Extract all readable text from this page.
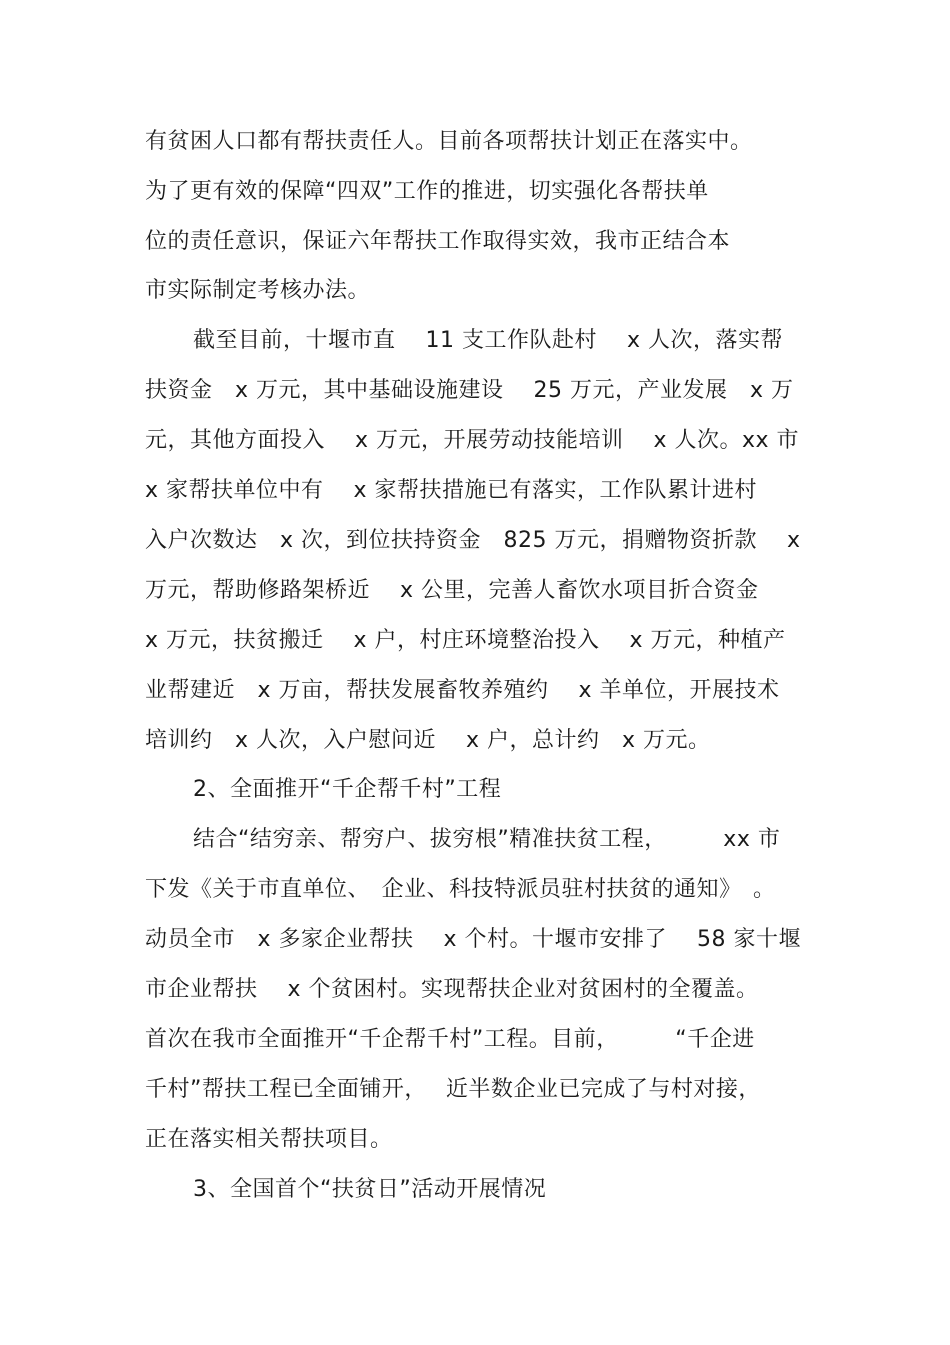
有贫困人口都有帮扶责任人。目前各项帮扶计划正在落实中。
为了更有效的保障“四双”工作的推进，切实强化各帮扶单
位的责任意识，保证六年帮扶工作取得实效，我市正结合本
市实际制定考核办法。
截至目前，十堰市直　 11 支工作队赴村　 x 人次，落实帮
扶资金　x 万元，其中基础设施建设　 25 万元，产业发展　x 万
元，其他方面投入　 x 万元，开展劳动技能培训　 x 人次。xx 市
x 家帮扶单位中有　 x 家帮扶措施已有落实，工作队累计进村
入户次数达　x 次，到位扶持资金　825 万元，捐赠物资折款　 x
万元，帮助修路架桥近　 x 公里，完善人畜饮水项目折合资金
x 万元，扶贫搬迁　 x 户，村庄环境整治投入　 x 万元，种植产
业帮建近　x 万亩，帮扶发展畜牧养殖约　 x 羊单位，开展技术
培训约　x 人次，入户慰问近　 x 户，总计约　x 万元。
2、全面推开“千企帮千村”工程
结合“结穷亲、帮穷户、拔穷根”精准扶贫工程，　　　xx 市
下发《关于市直单位、　企业、科技特派员驻村扶贫的通知》　。
动员全市　x 多家企业帮扶　 x 个村。十堰市安排了　 58 家十堰
市企业帮扶　 x 个贫困村。实现帮扶企业对贫困村的全覆盖。
首次在我市全面推开“千企帮千村”工程。目前，　　　“千企进
千村”帮扶工程已全面铺开，　 近半数企业已完成了与村对接，
正在落实相关帮扶项目。
3、全国首个“扶贫日”活动开展情况
